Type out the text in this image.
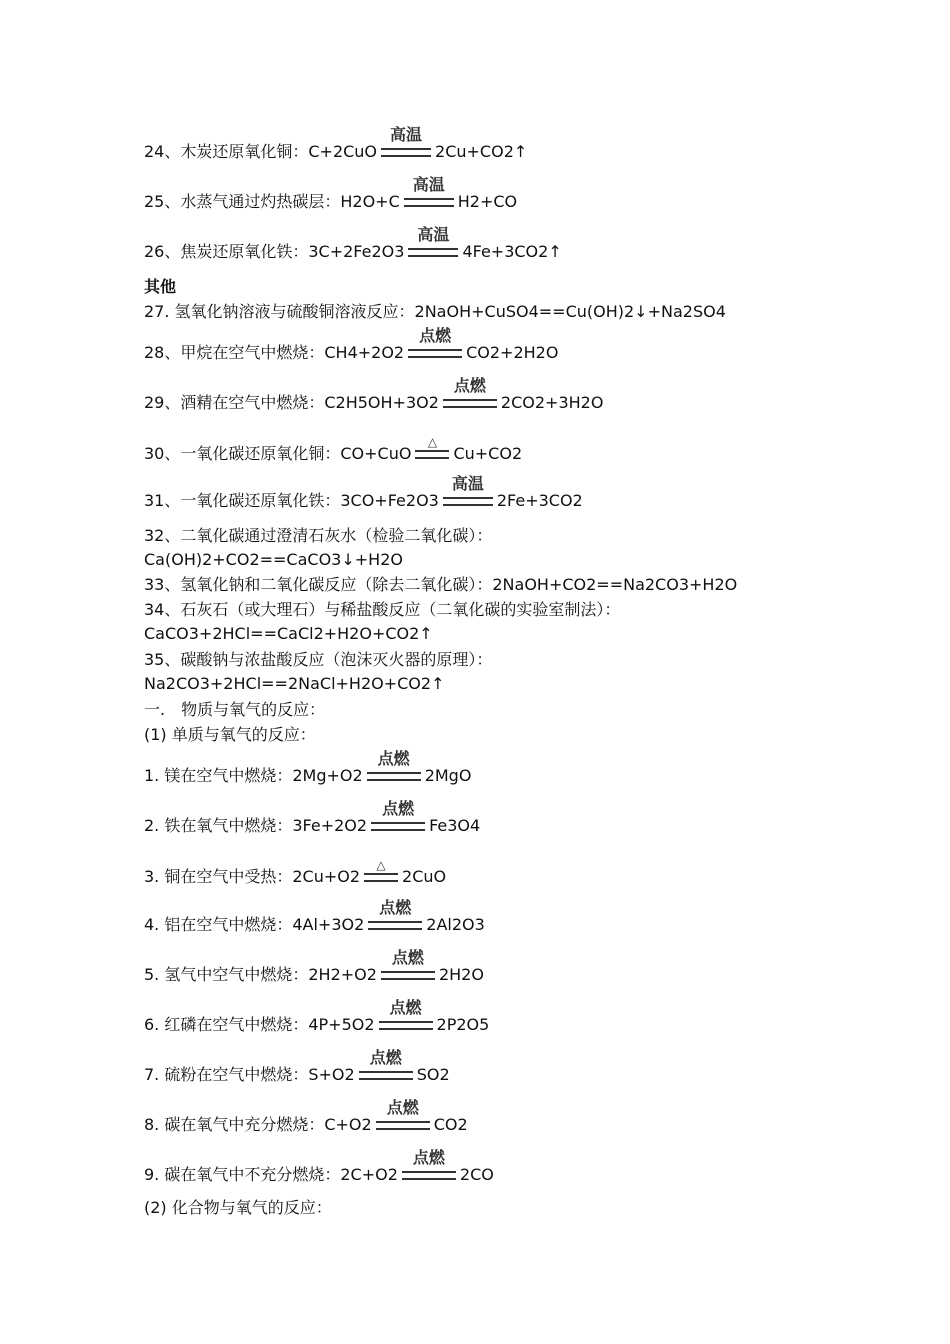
24、木炭还原氧化铜：C+2CuO
高温
2Cu+CO2↑
25、水蒸气通过灼热碳层：H2O+C
高温
H2+CO
26、焦炭还原氧化铁：3C+2Fe2O3
高温
4Fe+3CO2↑
其他
27. 氢氧化钠溶液与硫酸铜溶液反应：2NaOH+CuSO4==Cu(OH)2↓+Na2SO4
28、甲烷在空气中燃烧：CH4+2O2
点燃
CO2+2H2O
29、酒精在空气中燃烧：C2H5OH+3O2
点燃
2CO2+3H2O
30、一氧化碳还原氧化铜：CO+CuO
△
Cu+CO2
31、一氧化碳还原氧化铁：3CO+Fe2O3
高温
2Fe+3CO2
32、二氧化碳通过澄清石灰水（检验二氧化碳）：
Ca(OH)2+CO2==CaCO3↓+H2O
33、氢氧化钠和二氧化碳反应（除去二氧化碳）：2NaOH+CO2==Na2CO3+H2O
34、石灰石（或大理石）与稀盐酸反应（二氧化碳的实验室制法）：
CaCO3+2HCl==CaCl2+H2O+CO2↑
35、碳酸钠与浓盐酸反应（泡沫灭火器的原理）：
Na2CO3+2HCl==2NaCl+H2O+CO2↑
一.　物质与氧气的反应：
(1) 单质与氧气的反应：
1. 镁在空气中燃烧：2Mg+O2
点燃
2MgO
2. 铁在氧气中燃烧：3Fe+2O2
点燃
Fe3O4
3. 铜在空气中受热：2Cu+O2
△
2CuO
4. 铝在空气中燃烧：4Al+3O2
点燃
2Al2O3
5. 氢气中空气中燃烧：2H2+O2
点燃
2H2O
6. 红磷在空气中燃烧：4P+5O2
点燃
2P2O5
7. 硫粉在空气中燃烧：S+O2
点燃
SO2
8. 碳在氧气中充分燃烧：C+O2
点燃
CO2
9. 碳在氧气中不充分燃烧：2C+O2
点燃
2CO
(2) 化合物与氧气的反应：
